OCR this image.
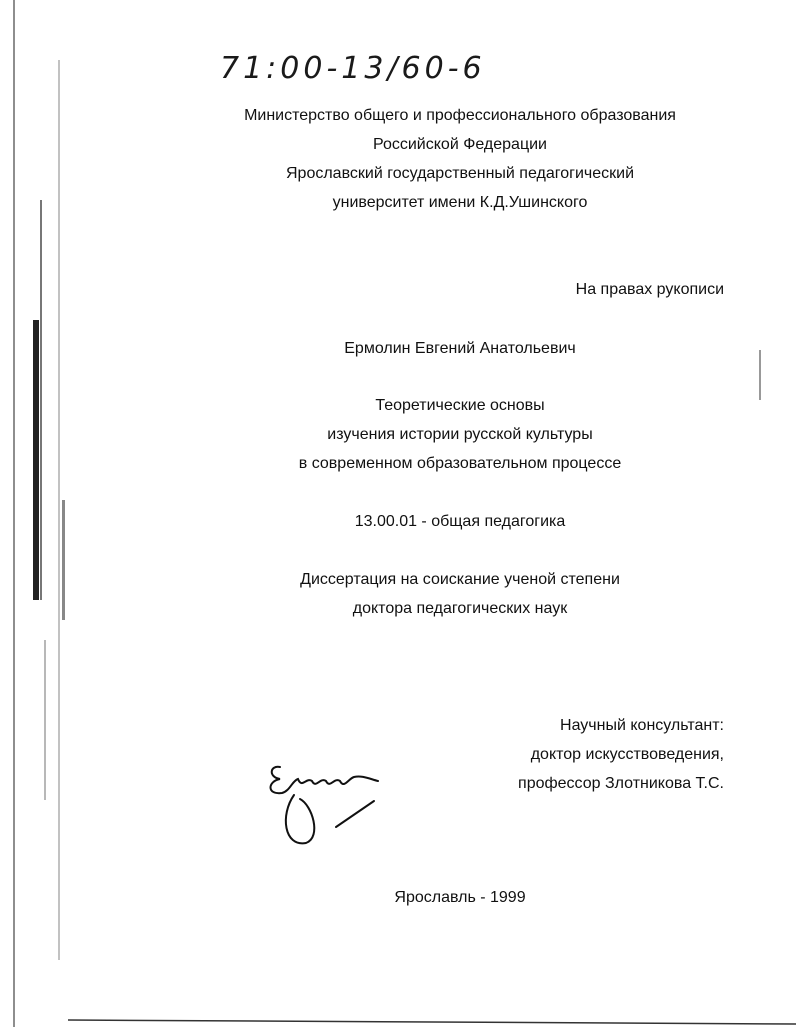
71:00-13/60-6
Министерство общего и профессионального образования
Российской Федерации
Ярославский государственный педагогический
университет имени К.Д.Ушинского
На правах рукописи
Ермолин Евгений Анатольевич
Теоретические основы
изучения истории русской культуры
в современном образовательном процессе
13.00.01 - общая педагогика
Диссертация на соискание ученой степени
доктора педагогических наук
Научный консультант:
доктор искусствоведения,
профессор Злотникова Т.С.
Ярославль - 1999
